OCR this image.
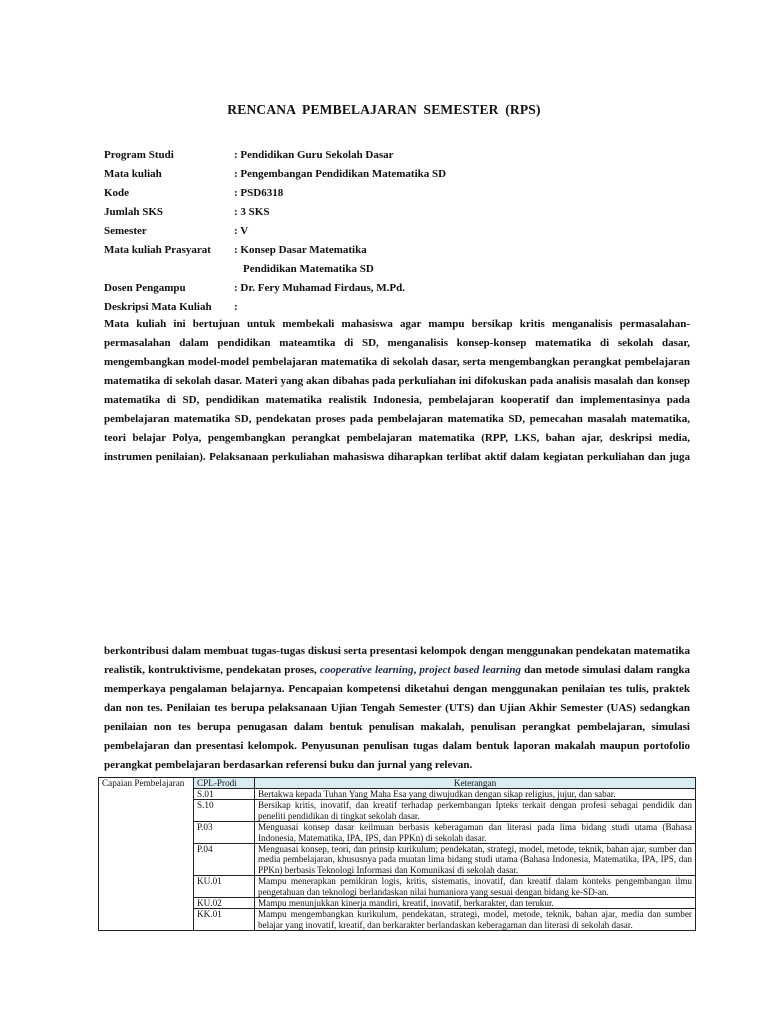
RENCANA PEMBELAJARAN SEMESTER (RPS)
Program Studi	: Pendidikan Guru Sekolah Dasar
Mata kuliah	: Pengembangan Pendidikan Matematika SD
Kode	: PSD6318
Jumlah SKS	: 3 SKS
Semester	: V
Mata kuliah Prasyarat : Konsep Dasar Matematika
Pendidikan Matematika SD
Dosen Pengampu	: Dr. Fery Muhamad Firdaus, M.Pd.
Deskripsi Mata Kuliah :
Mata kuliah ini bertujuan untuk membekali mahasiswa agar mampu bersikap kritis menganalisis permasalahan-
permasalahan dalam pendidikan mateamtika di SD, menganalisis konsep-konsep matematika di sekolah dasar,
mengembangkan model-model pembelajaran matematika di sekolah dasar, serta mengembangkan perangkat pembelajaran
matematika di sekolah dasar. Materi yang akan dibahas pada perkuliahan ini difokuskan pada analisis masalah dan konsep
matematika di SD, pendidikan matematika realistik Indonesia, pembelajaran kooperatif dan implementasinya pada
pembelajaran matematika SD, pendekatan proses pada pembelajaran matematika SD, pemecahan masalah matematika,
teori belajar Polya, pengembangkan perangkat pembelajaran matematika (RPP, LKS, bahan ajar, deskripsi media,
instrumen penilaian). Pelaksanaan perkuliahan mahasiswa diharapkan terlibat aktif dalam kegiatan perkuliahan dan juga
berkontribusi dalam membuat tugas-tugas diskusi serta presentasi kelompok dengan menggunakan pendekatan matematika
realistik, kontruktivisme, pendekatan proses, cooperative learning, project based learning dan metode simulasi dalam rangka
memperkaya pengalaman belajarnya. Pencapaian kompetensi diketahui dengan menggunakan penilaian tes tulis, praktek
dan non tes. Penilaian tes berupa pelaksanaan Ujian Tengah Semester (UTS) dan Ujian Akhir Semester (UAS) sedangkan
penilaian non tes berupa penugasan dalam bentuk penulisan makalah, penulisan perangkat pembelajaran, simulasi
pembelajaran dan presentasi kelompok. Penyusunan penulisan tugas dalam bentuk laporan makalah maupun portofolio
perangkat pembelajaran berdasarkan referensi buku dan jurnal yang relevan.
Capaian Pembelajaran	CPL-Prodi	Keterangan
	S.01	Bertakwa kepada Tuhan Yang Maha Esa yang diwujudkan dengan sikap religius, jujur, dan sabar.
	S.10	Bersikap kritis, inovatif, dan kreatif terhadap perkembangan Ipteks terkait dengan profesi sebagai pendidik dan peneliti pendidikan di tingkat sekolah dasar.
	P.03	Menguasai konsep dasar keilmuan berbasis keberagaman dan literasi pada lima bidang studi utama (Bahasa Indonesia, Matematika, IPA, IPS, dan PPKn) di sekolah dasar.
	P.04	Menguasai konsep, teori, dan prinsip kurikulum; pendekatan, strategi, model, metode, teknik, bahan ajar, sumber dan media pembelajaran, khususnya pada muatan lima bidang studi utama (Bahasa Indonesia, Matematika, IPA, IPS, dan PPKn) berbasis Teknologi Informasi dan Komunikasi di sekolah dasar.
	KU.01	Mampu menerapkan pemikiran logis, kritis, sistematis, inovatif, dan kreatif dalam konteks pengembangan ilmu pengetahuan dan teknologi berlandaskan nilai humaniora yang sesuai dengan bidang ke-SD-an.
	KU.02	Mampu menunjukkan kinerja mandiri, kreatif, inovatif, berkarakter, dan terukur.
	KK.01	Mampu mengembangkan kurikulum, pendekatan, strategi, model, metode, teknik, bahan ajar, media dan sumber belajar yang inovatif, kreatif, dan berkarakter berlandaskan keberagaman dan literasi di sekolah dasar.
